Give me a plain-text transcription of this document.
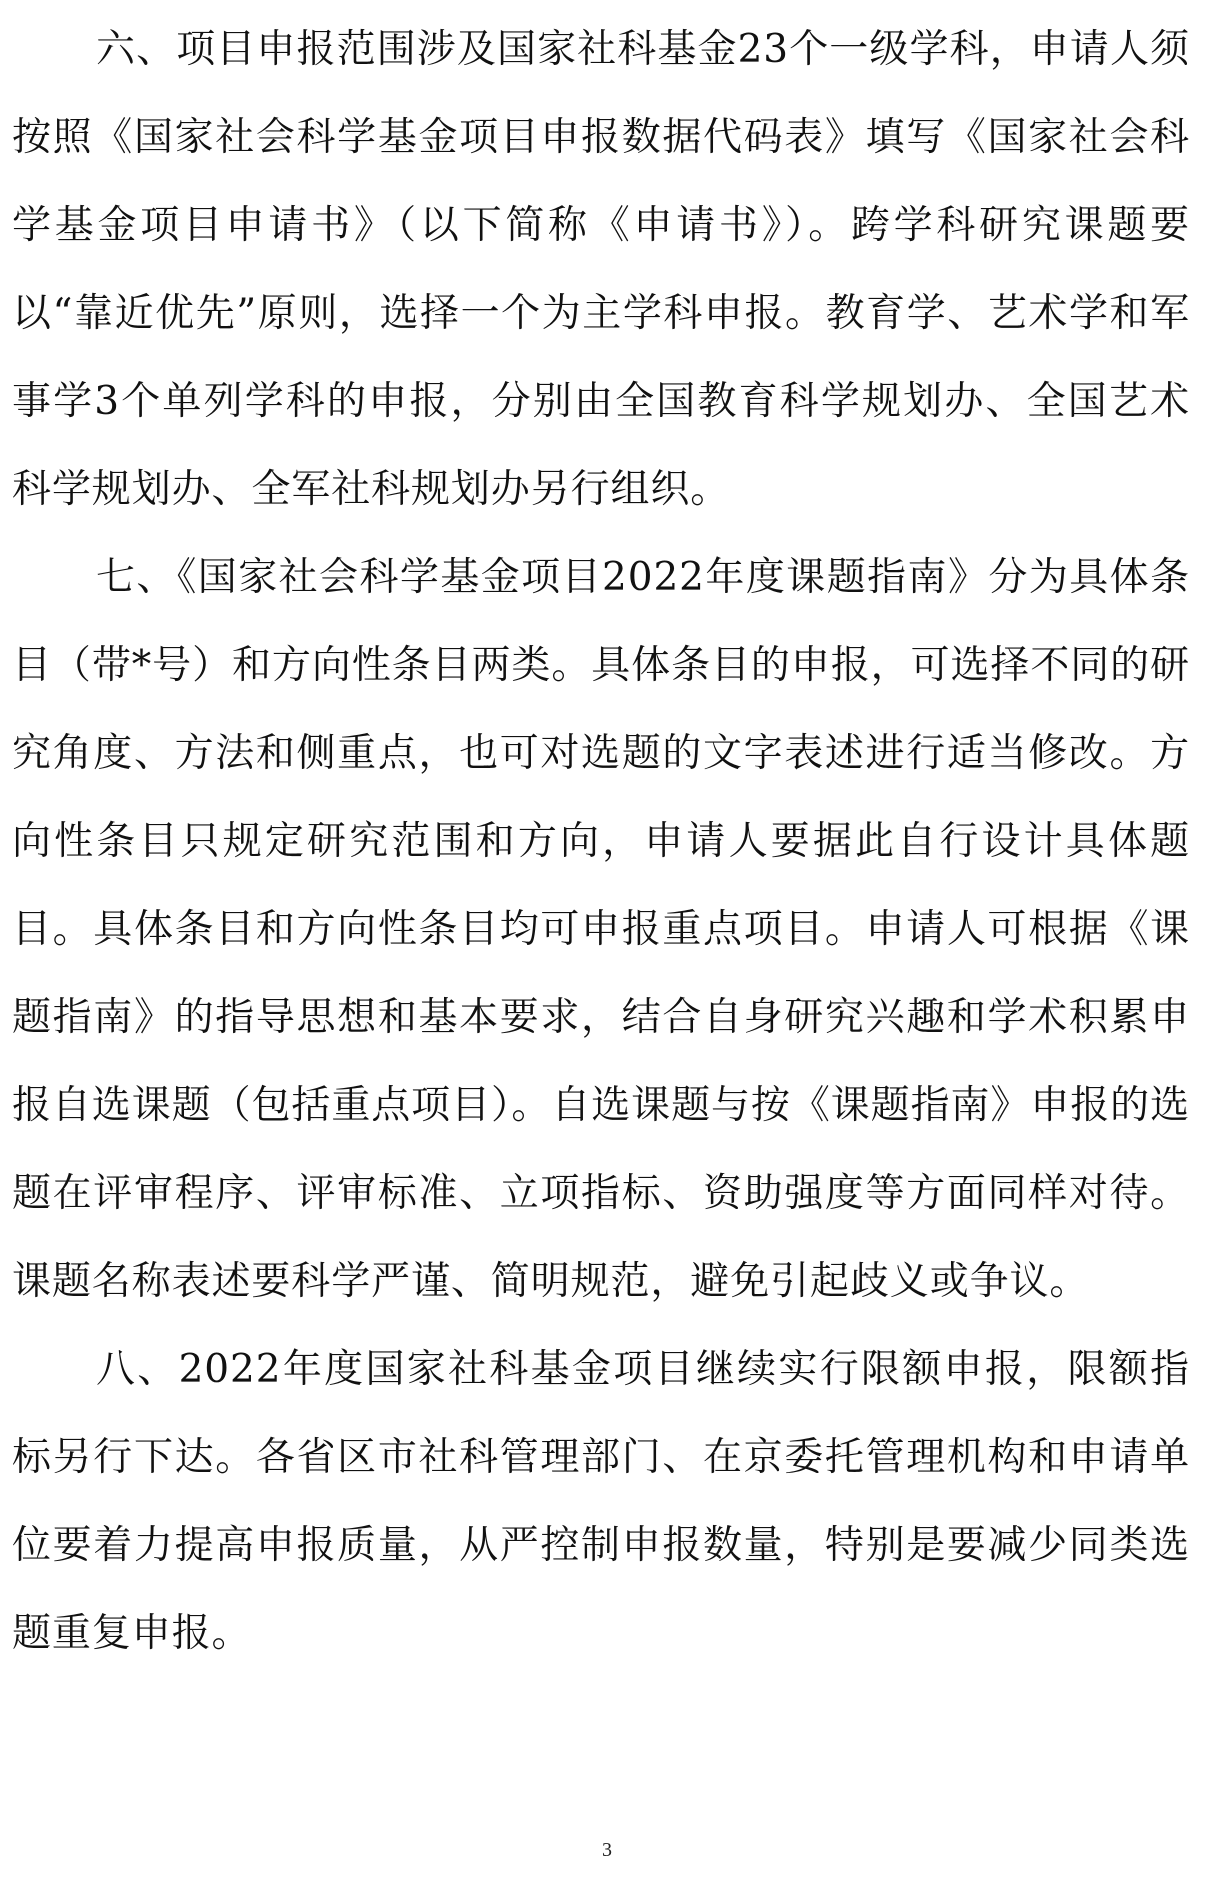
六、项目申报范围涉及国家社科基金23个一级学科，申请人须按照《国家社会科学基金项目申报数据代码表》填写《国家社会科学基金项目申请书》（以下简称《申请书》）。跨学科研究课题要以“靠近优先”原则，选择一个为主学科申报。教育学、艺术学和军事学3个单列学科的申报，分别由全国教育科学规划办、全国艺术科学规划办、全军社科规划办另行组织。

七、《国家社会科学基金项目2022年度课题指南》分为具体条目（带*号）和方向性条目两类。具体条目的申报，可选择不同的研究角度、方法和侧重点，也可对选题的文字表述进行适当修改。方向性条目只规定研究范围和方向，申请人要据此自行设计具体题目。具体条目和方向性条目均可申报重点项目。申请人可根据《课题指南》的指导思想和基本要求，结合自身研究兴趣和学术积累申报自选课题（包括重点项目）。自选课题与按《课题指南》申报的选题在评审程序、评审标准、立项指标、资助强度等方面同样对待。课题名称表述要科学严谨、简明规范，避免引起歧义或争议。

八、2022年度国家社科基金项目继续实行限额申报，限额指标另行下达。各省区市社科管理部门、在京委托管理机构和申请单位要着力提高申报质量，从严控制申报数量，特别是要减少同类选题重复申报。

3
